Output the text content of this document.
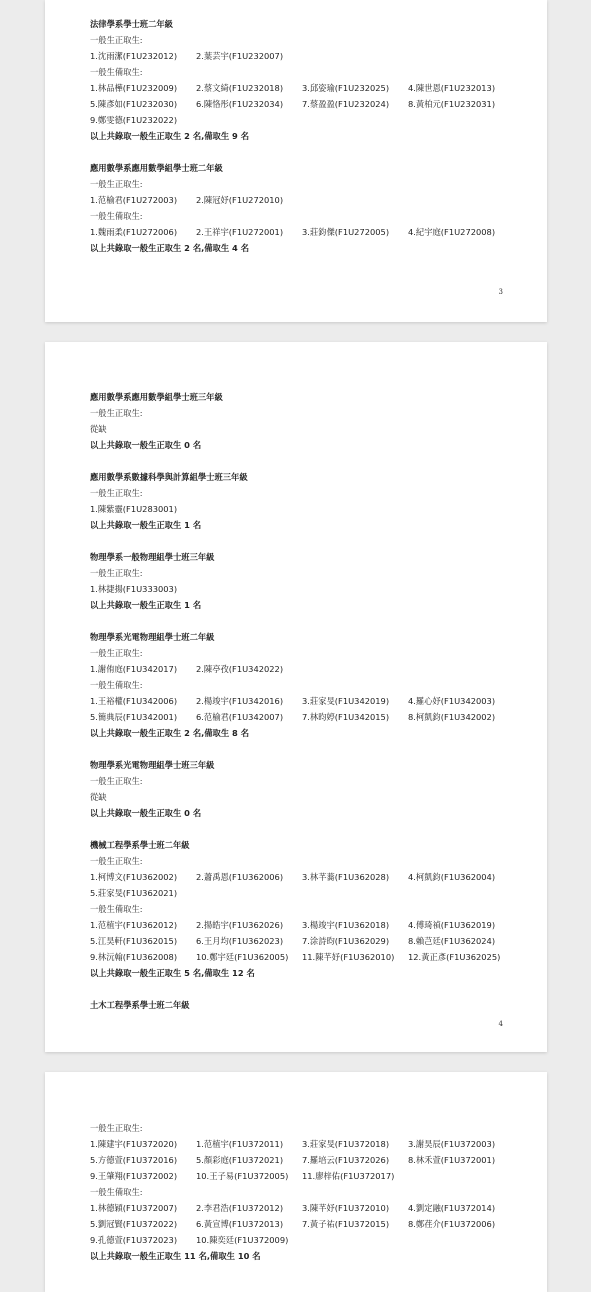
法律學系學士班二年級
一般生正取生:
1.沈雨潔(F1U232012) 2.葉芸宇(F1U232007)
一般生備取生:
1.林品樺(F1U232009) 2.蔡文綺(F1U232018) 3.邱姿瑜(F1U232025) 4.陳世恩(F1U232013)
5.陳彥如(F1U232030) 6.陳恪彤(F1U232034) 7.蔡盈盈(F1U232024) 8.黃柏元(F1U232031)
9.鄭雯德(F1U232022)
以上共錄取一般生正取生 2 名,備取生 9 名
應用數學系應用數學組學士班二年級
一般生正取生:
1.范榆君(F1U272003) 2.陳冠妤(F1U272010)
一般生備取生:
1.魏雨柔(F1U272006) 2.王祥宇(F1U272001) 3.莊鈞傑(F1U272005) 4.紀宇庭(F1U272008)
以上共錄取一般生正取生 2 名,備取生 4 名
3
應用數學系應用數學組學士班三年級
一般生正取生:
從缺
以上共錄取一般生正取生 0 名
應用數學系數據科學與計算組學士班三年級
一般生正取生:
1.陳紫靈(F1U283001)
以上共錄取一般生正取生 1 名
物理學系一般物理組學士班三年級
一般生正取生:
1.林捷揚(F1U333003)
以上共錄取一般生正取生 1 名
物理學系光電物理組學士班二年級
一般生正取生:
1.謝侑庭(F1U342017) 2.陳亭孜(F1U342022)
一般生備取生:
1.王裕權(F1U342006) 2.楊竣宇(F1U342016) 3.莊家旻(F1U342019) 4.羅心妤(F1U342003)
5.簡典辰(F1U342001) 6.范榆君(F1U342007) 7.林昀婷(F1U342015) 8.柯凱鈞(F1U342002)
以上共錄取一般生正取生 2 名,備取生 8 名
物理學系光電物理組學士班三年級
一般生正取生:
從缺
以上共錄取一般生正取生 0 名
機械工程學系學士班二年級
一般生正取生:
1.柯博文(F1U362002) 2.蕭禹恩(F1U362006) 3.林芊蕎(F1U362028) 4.柯凱鈞(F1U362004)
5.莊家旻(F1U362021)
一般生備取生:
1.范植宇(F1U362012) 2.揚皓宇(F1U362026) 3.楊竣宇(F1U362018) 4.傅琦禎(F1U362019)
5.江昊軒(F1U362015) 6.王月均(F1U362023) 7.涂詩昀(F1U362029) 8.賴芑廷(F1U362024)
9.林沅翰(F1U362008) 10.鄭宇廷(F1U362005) 11.陳芊妤(F1U362010) 12.黃正彥(F1U362025)
以上共錄取一般生正取生 5 名,備取生 12 名
土木工程學系學士班二年級
4
一般生正取生:
1.陳建宇(F1U372020) 1.范植宇(F1U372011) 3.莊家旻(F1U372018) 3.謝昊辰(F1U372003)
5.方德萱(F1U372016) 5.顏彩庭(F1U372021) 7.羅培云(F1U372026) 8.林禾萱(F1U372001)
9.王肇翔(F1U372002) 10.王子易(F1U372005) 11.廖梓佑(F1U372017)
一般生備取生:
1.林德穎(F1U372007) 2.李君浩(F1U372012) 3.陳芊妤(F1U372010) 4.劉定融(F1U372014)
5.劉冠賢(F1U372022) 6.黃宣博(F1U372013) 7.黃子祐(F1U372015) 8.鄭荏介(F1U372006)
9.孔德萱(F1U372023) 10.陳奕廷(F1U372009)
以上共錄取一般生正取生 11 名,備取生 10 名
